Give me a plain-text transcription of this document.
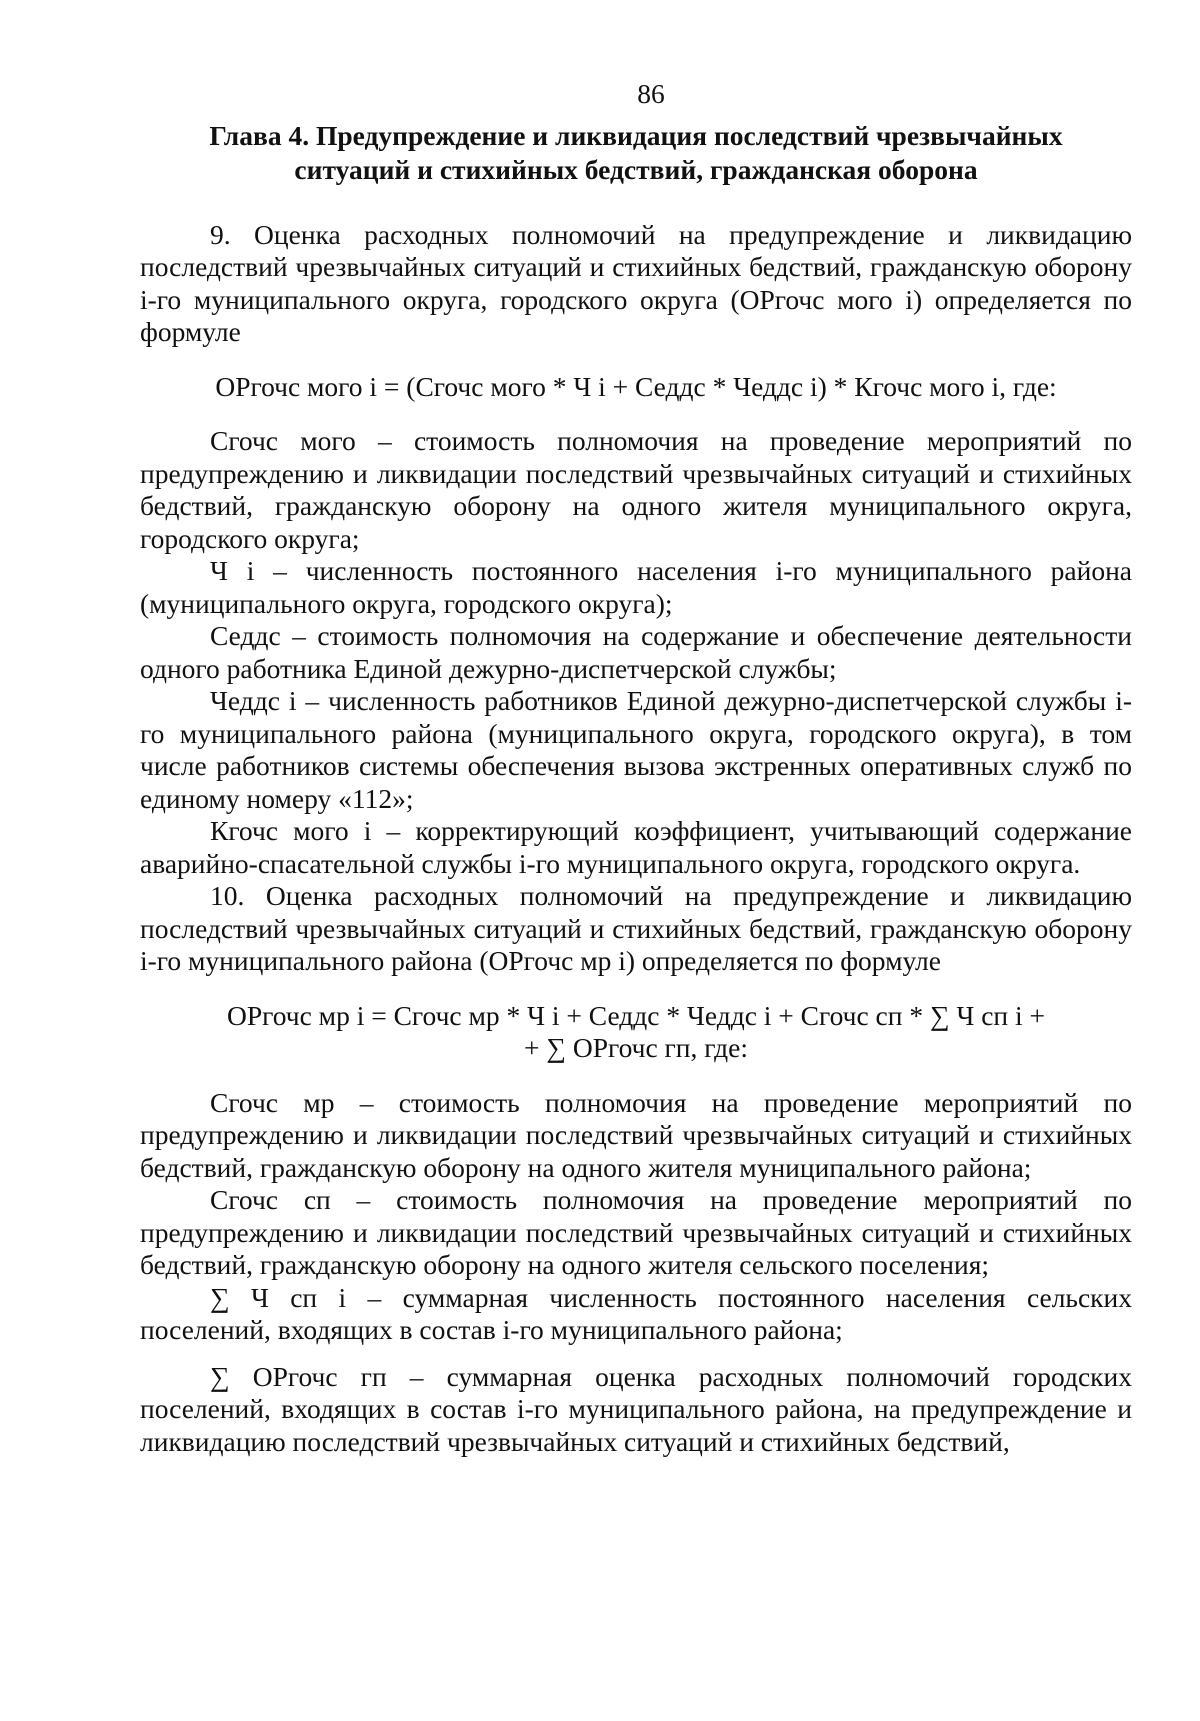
86
Глава 4. Предупреждение и ликвидация последствий чрезвычайных
ситуаций и стихийных бедствий, гражданская оборона

9. Оценка расходных полномочий на предупреждение и ликвидацию последствий чрезвычайных ситуаций и стихийных бедствий, гражданскую оборону i-го муниципального округа, городского округа (ОРгочс мого i) определяется по формуле

ОРгочс мого i = (Сгочс мого * Ч i + Седдс * Чеддс i) * Кгочс мого i, где:

Сгочс мого – стоимость полномочия на проведение мероприятий по предупреждению и ликвидации последствий чрезвычайных ситуаций и стихийных бедствий, гражданскую оборону на одного жителя муниципального округа, городского округа;

Ч i – численность постоянного населения i-го муниципального района (муниципального округа, городского округа);

Седдс – стоимость полномочия на содержание и обеспечение деятельности одного работника Единой дежурно-диспетчерской службы;

Чеддс i – численность работников Единой дежурно-диспетчерской службы i-го муниципального района (муниципального округа, городского округа), в том числе работников системы обеспечения вызова экстренных оперативных служб по единому номеру «112»;

Кгочс мого i – корректирующий коэффициент, учитывающий содержание аварийно-спасательной службы i-го муниципального округа, городского округа.

10. Оценка расходных полномочий на предупреждение и ликвидацию последствий чрезвычайных ситуаций и стихийных бедствий, гражданскую оборону i-го муниципального района (ОРгочс мр i) определяется по формуле

ОРгочс мр i = Сгочс мр * Ч i + Седдс * Чеддс i + Сгочс сп * ∑ Ч сп i +
+ ∑ ОРгочс гп, где:

Сгочс мр – стоимость полномочия на проведение мероприятий по предупреждению и ликвидации последствий чрезвычайных ситуаций и стихийных бедствий, гражданскую оборону на одного жителя муниципального района;

Сгочс сп – стоимость полномочия на проведение мероприятий по предупреждению и ликвидации последствий чрезвычайных ситуаций и стихийных бедствий, гражданскую оборону на одного жителя сельского поселения;

∑ Ч сп i – суммарная численность постоянного населения сельских поселений, входящих в состав i-го муниципального района;

∑ ОРгочс гп – суммарная оценка расходных полномочий городских поселений, входящих в состав i-го муниципального района, на предупреждение и ликвидацию последствий чрезвычайных ситуаций и стихийных бедствий,
